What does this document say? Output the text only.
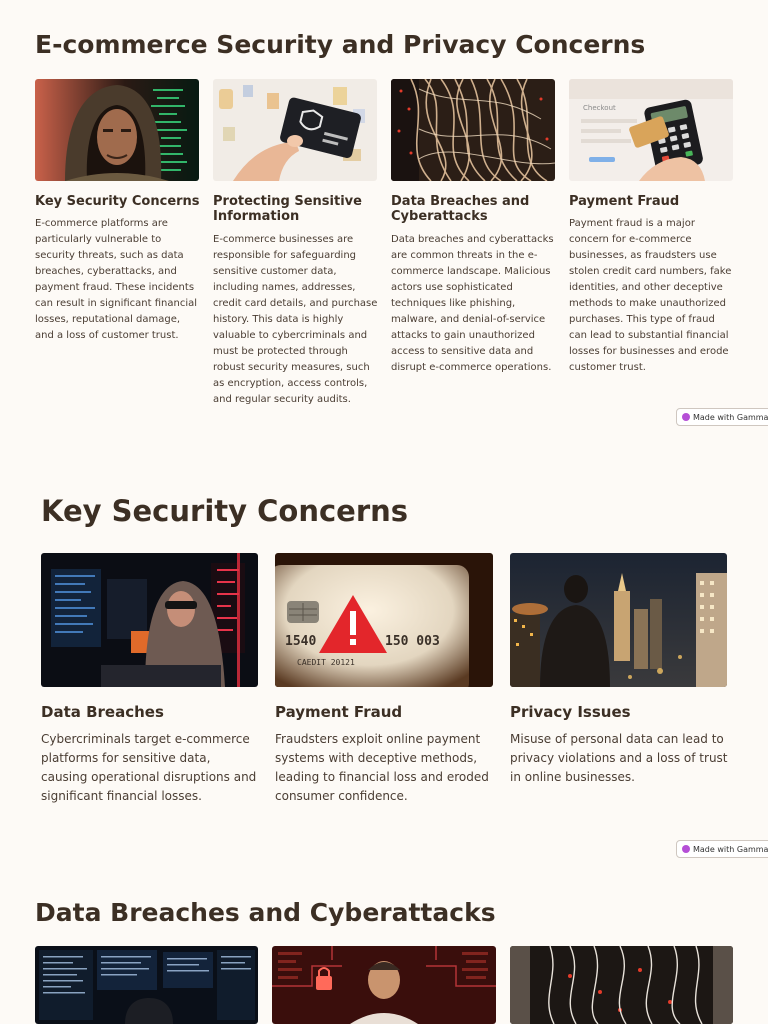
E-commerce Security and Privacy Concerns
Checkout
Key Security Concerns

E-commerce platforms are particularly vulnerable to security threats, such as data breaches, cyberattacks, and payment fraud. These incidents can result in significant financial losses, reputational damage, and a loss of customer trust.

Protecting Sensitive Information

E-commerce businesses are responsible for safeguarding sensitive customer data, including names, addresses, credit card details, and purchase history. This data is highly valuable to cybercriminals and must be protected through robust security measures, such as encryption, access controls, and regular security audits.

Data Breaches and Cyberattacks

Data breaches and cyberattacks are common threats in the e-commerce landscape. Malicious actors use sophisticated techniques like phishing, malware, and denial-of-service attacks to gain unauthorized access to sensitive data and disrupt e-commerce operations.

Payment Fraud

Payment fraud is a major concern for e-commerce businesses, as fraudsters use stolen credit card numbers, fake identities, and other deceptive methods to make unauthorized purchases. This type of fraud can lead to substantial financial losses for businesses and erode customer trust.

Made with Gamma
Key Security Concerns
1540	150 003
CAEDIT 20121
Data Breaches

Cybercriminals target e-commerce platforms for sensitive data, causing operational disruptions and significant financial losses.

Payment Fraud

Fraudsters exploit online payment systems with deceptive methods, leading to financial loss and eroded consumer confidence.

Privacy Issues

Misuse of personal data can lead to privacy violations and a loss of trust in online businesses.

Made with Gamma
Data Breaches and Cyberattacks
